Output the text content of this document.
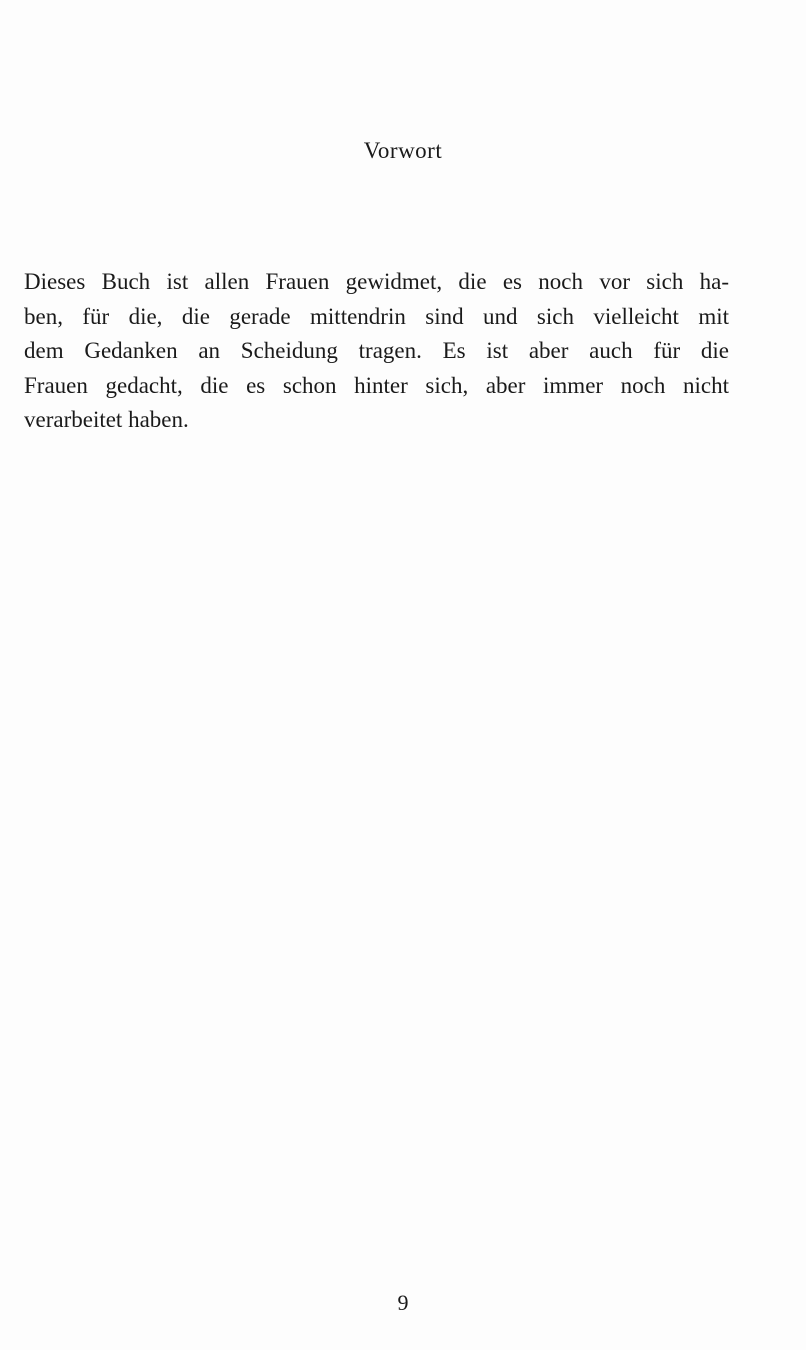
Vorwort

Dieses Buch ist allen Frauen gewidmet, die es noch vor sich ha-
ben, für die, die gerade mittendrin sind und sich vielleicht mit
dem Gedanken an Scheidung tragen. Es ist aber auch für die
Frauen gedacht, die es schon hinter sich, aber immer noch nicht
verarbeitet haben.

9
